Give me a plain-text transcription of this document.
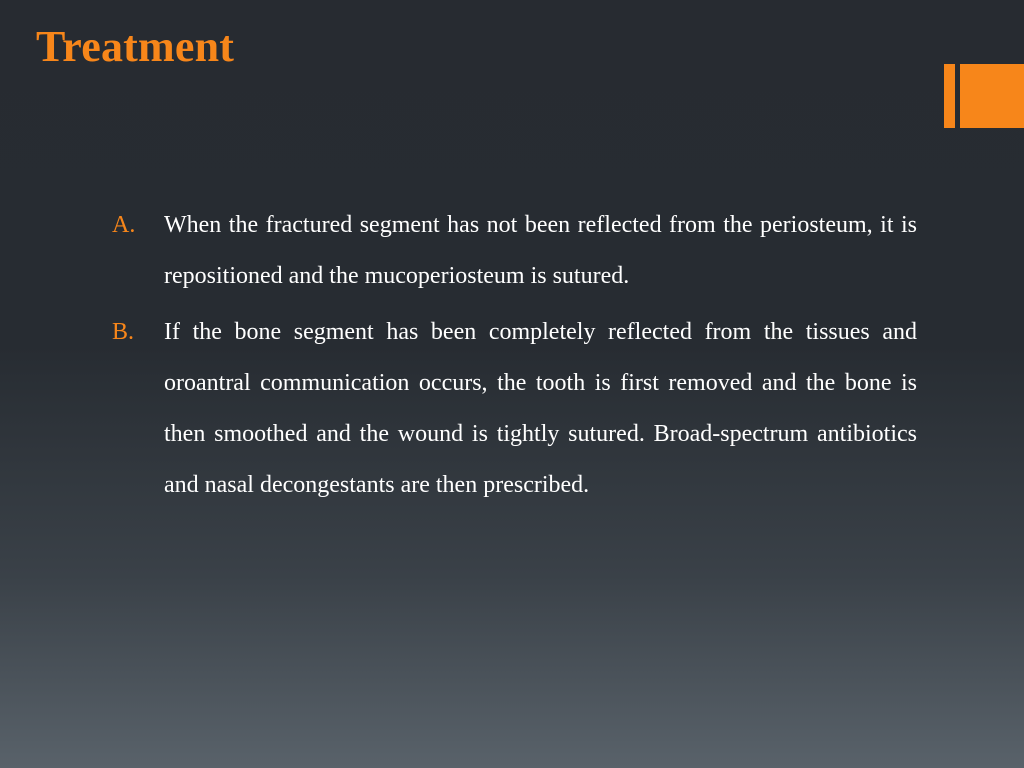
Treatment
A.	When the fractured segment has not been reflected from the periosteum, it is repositioned and the mucoperiosteum is sutured.
B.	If the bone segment has been completely reflected from the tissues and oroantral communication occurs, the tooth is first removed and the bone is then smoothed and the wound is tightly sutured. Broad-spectrum antibiotics and nasal decongestants are then prescribed.
